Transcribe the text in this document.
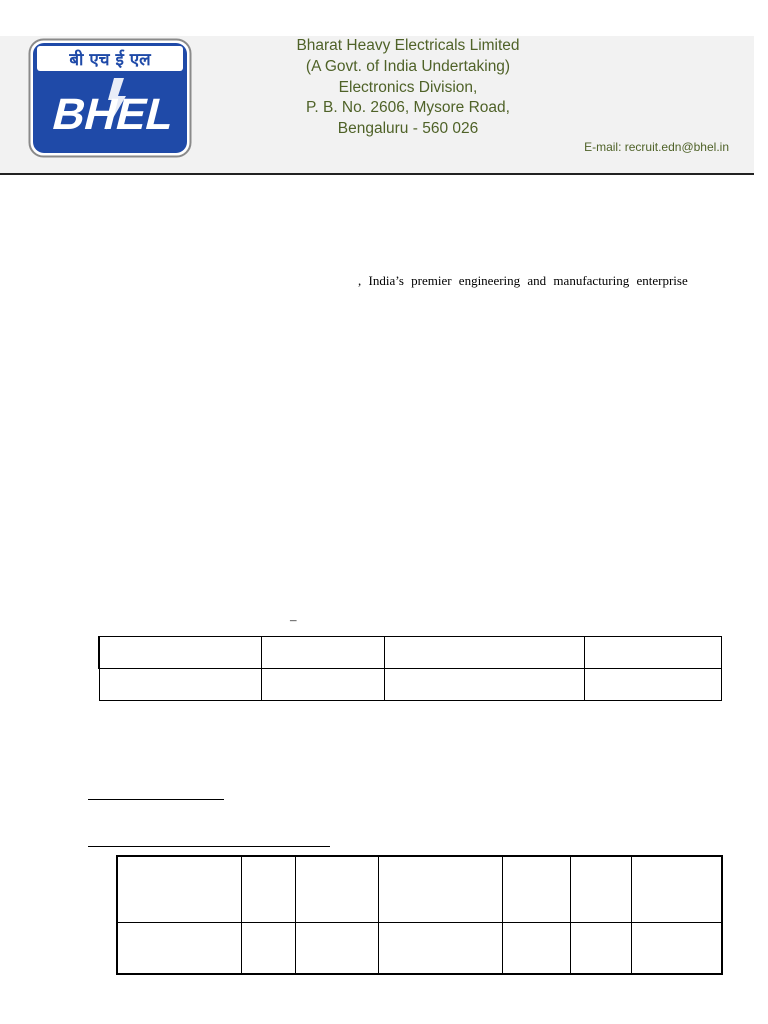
बी एच ई एल
Bharat Heavy Electricals Limited
(A Govt. of India Undertaking)
Electronics Division,
P. B. No. 2606, Mysore Road,
Bengaluru - 560 026
E-mail: recruit.edn@bhel.in
, India’s premier engineering and manufacturing enterprise
–
